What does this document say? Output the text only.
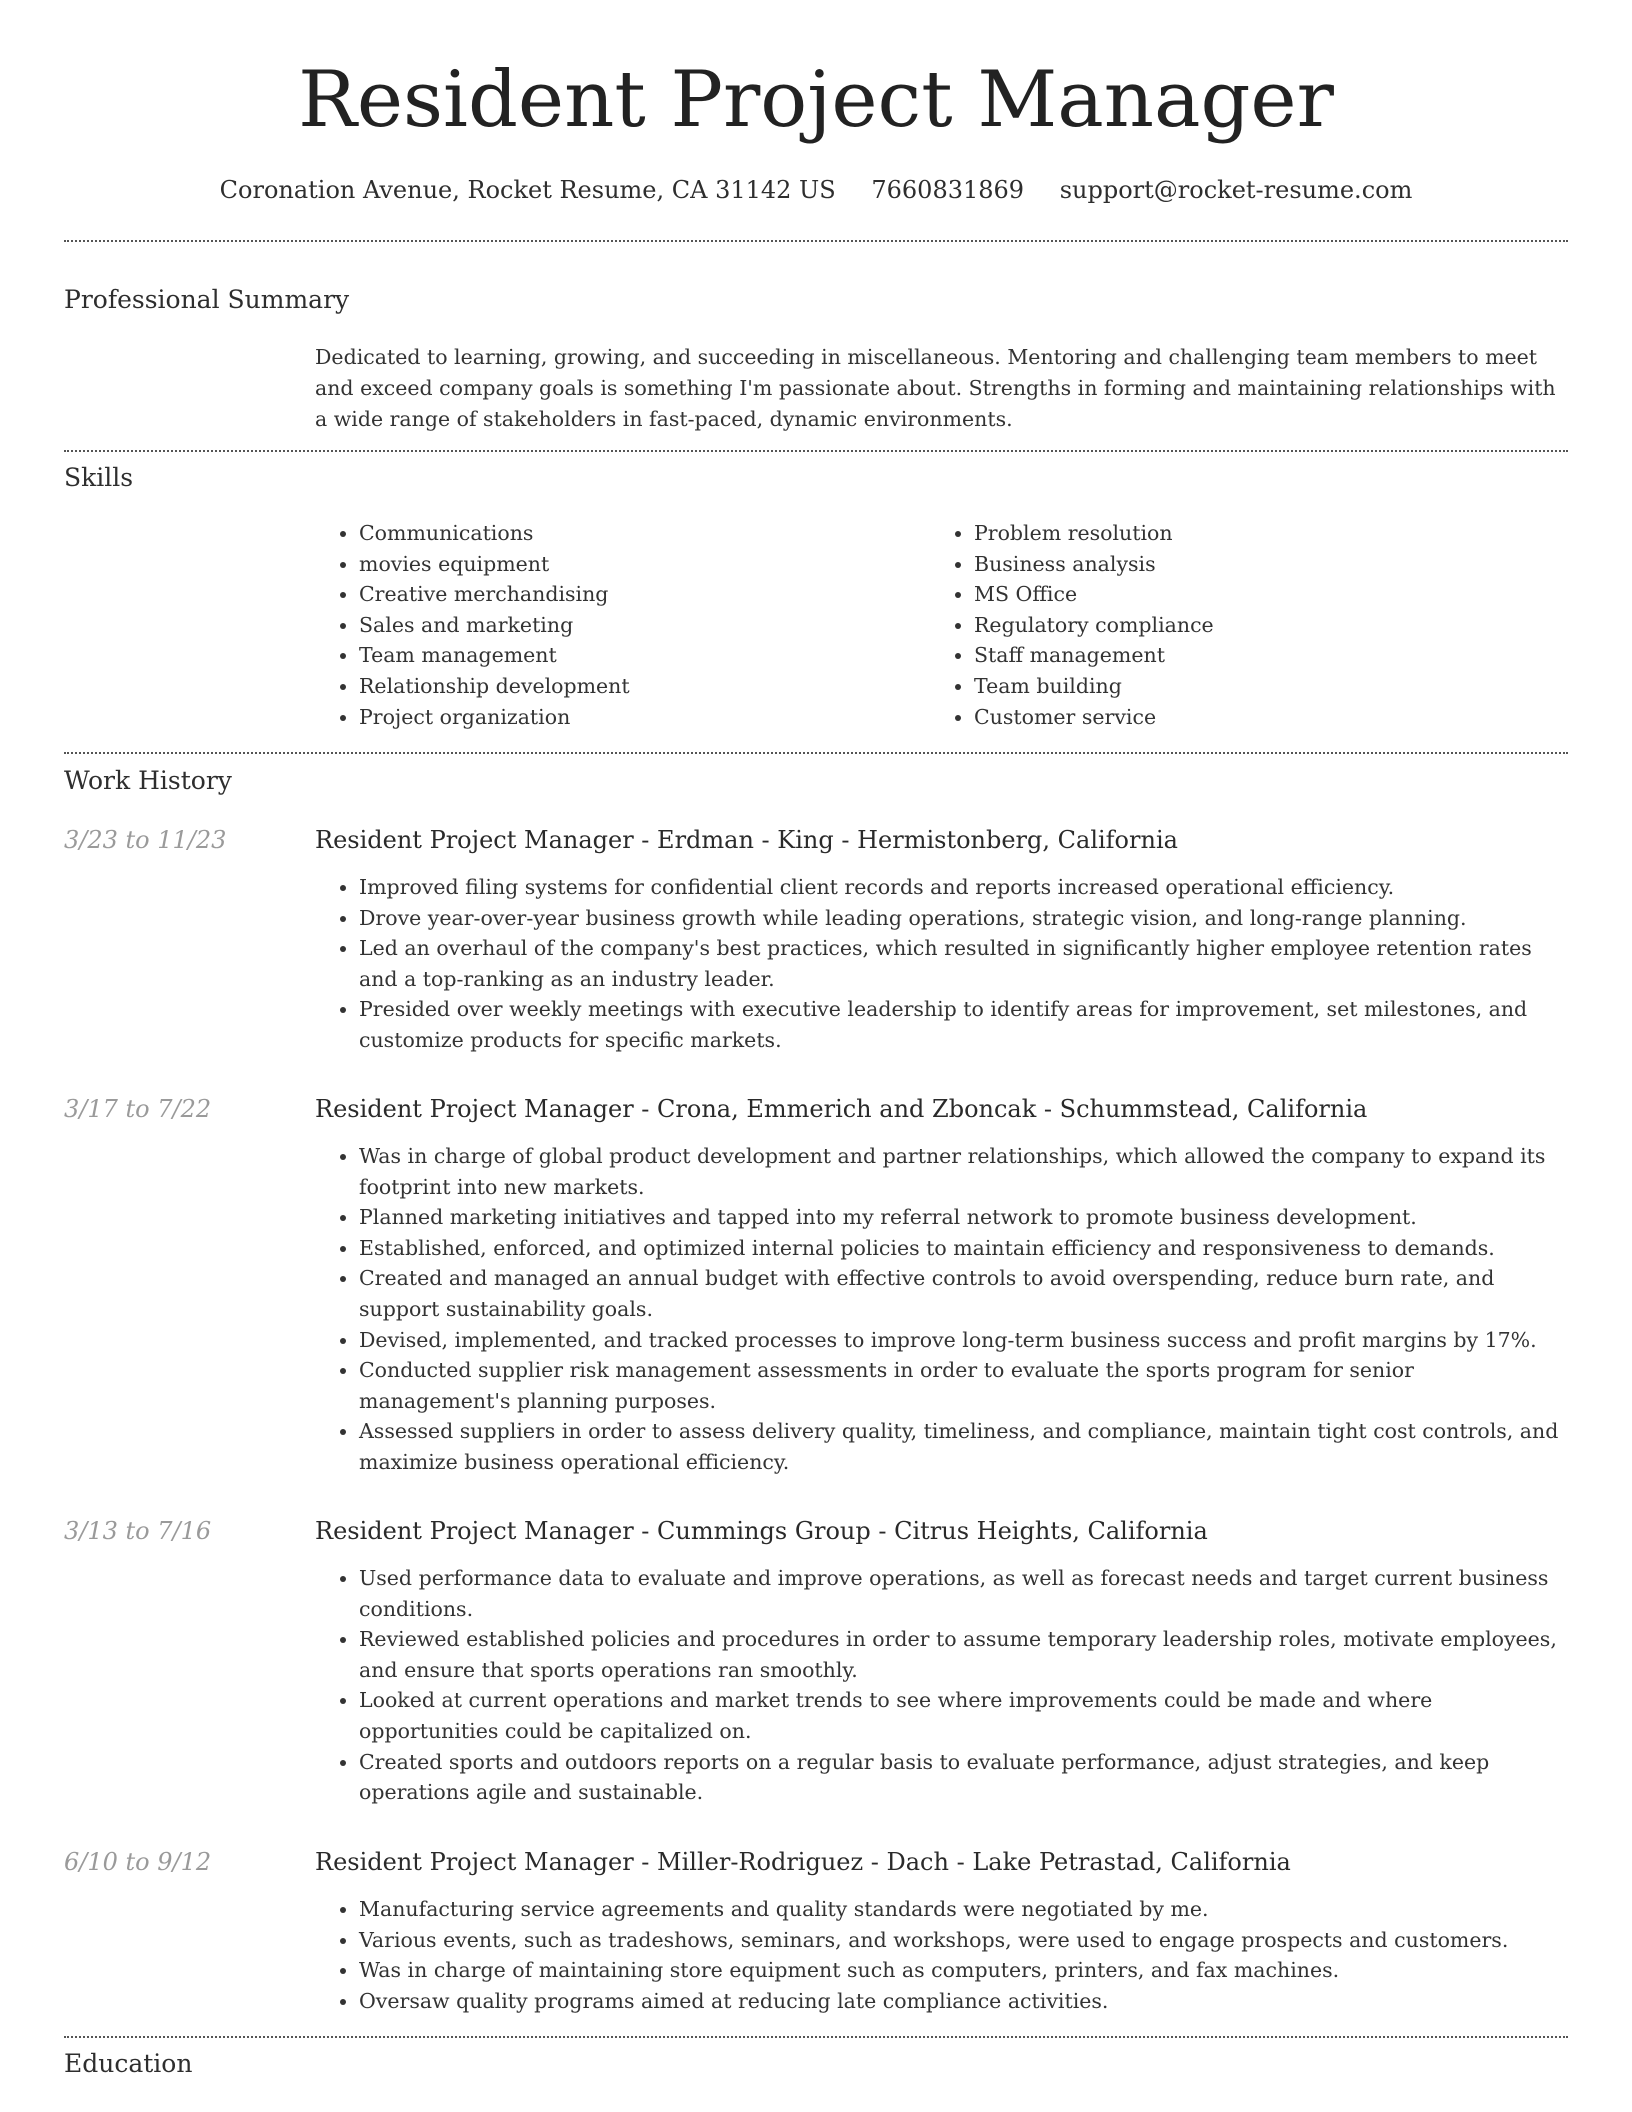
Resident Project Manager
Coronation Avenue, Rocket Resume, CA 31142 US 7660831869 support@rocket-resume.com
Professional Summary

Dedicated to learning, growing, and succeeding in miscellaneous. Mentoring and challenging team members to meet and exceed company goals is something I'm passionate about. Strengths in forming and maintaining relationships with a wide range of stakeholders in fast-paced, dynamic environments.

Skills
• Communications
• movies equipment
• Creative merchandising
• Sales and marketing
• Team management
• Relationship development
• Project organization
• Problem resolution
• Business analysis
• MS Office
• Regulatory compliance
• Staff management
• Team building
• Customer service
Work History
3/23 to 11/23	Resident Project Manager - Erdman - King - Hermistonberg, California
• Improved filing systems for confidential client records and reports increased operational efficiency.
• Drove year-over-year business growth while leading operations, strategic vision, and long-range planning.
• Led an overhaul of the company's best practices, which resulted in significantly higher employee retention rates and a top-ranking as an industry leader.
• Presided over weekly meetings with executive leadership to identify areas for improvement, set milestones, and customize products for specific markets.
3/17 to 7/22	Resident Project Manager - Crona, Emmerich and Zboncak - Schummstead, California
• Was in charge of global product development and partner relationships, which allowed the company to expand its footprint into new markets.
• Planned marketing initiatives and tapped into my referral network to promote business development.
• Established, enforced, and optimized internal policies to maintain efficiency and responsiveness to demands.
• Created and managed an annual budget with effective controls to avoid overspending, reduce burn rate, and support sustainability goals.
• Devised, implemented, and tracked processes to improve long-term business success and profit margins by 17%.
• Conducted supplier risk management assessments in order to evaluate the sports program for senior management's planning purposes.
• Assessed suppliers in order to assess delivery quality, timeliness, and compliance, maintain tight cost controls, and maximize business operational efficiency.
3/13 to 7/16	Resident Project Manager - Cummings Group - Citrus Heights, California
• Used performance data to evaluate and improve operations, as well as forecast needs and target current business conditions.
• Reviewed established policies and procedures in order to assume temporary leadership roles, motivate employees, and ensure that sports operations ran smoothly.
• Looked at current operations and market trends to see where improvements could be made and where opportunities could be capitalized on.
• Created sports and outdoors reports on a regular basis to evaluate performance, adjust strategies, and keep operations agile and sustainable.
6/10 to 9/12	Resident Project Manager - Miller-Rodriguez - Dach - Lake Petrastad, California
• Manufacturing service agreements and quality standards were negotiated by me.
• Various events, such as tradeshows, seminars, and workshops, were used to engage prospects and customers.
• Was in charge of maintaining store equipment such as computers, printers, and fax machines.
• Oversaw quality programs aimed at reducing late compliance activities.
Education
